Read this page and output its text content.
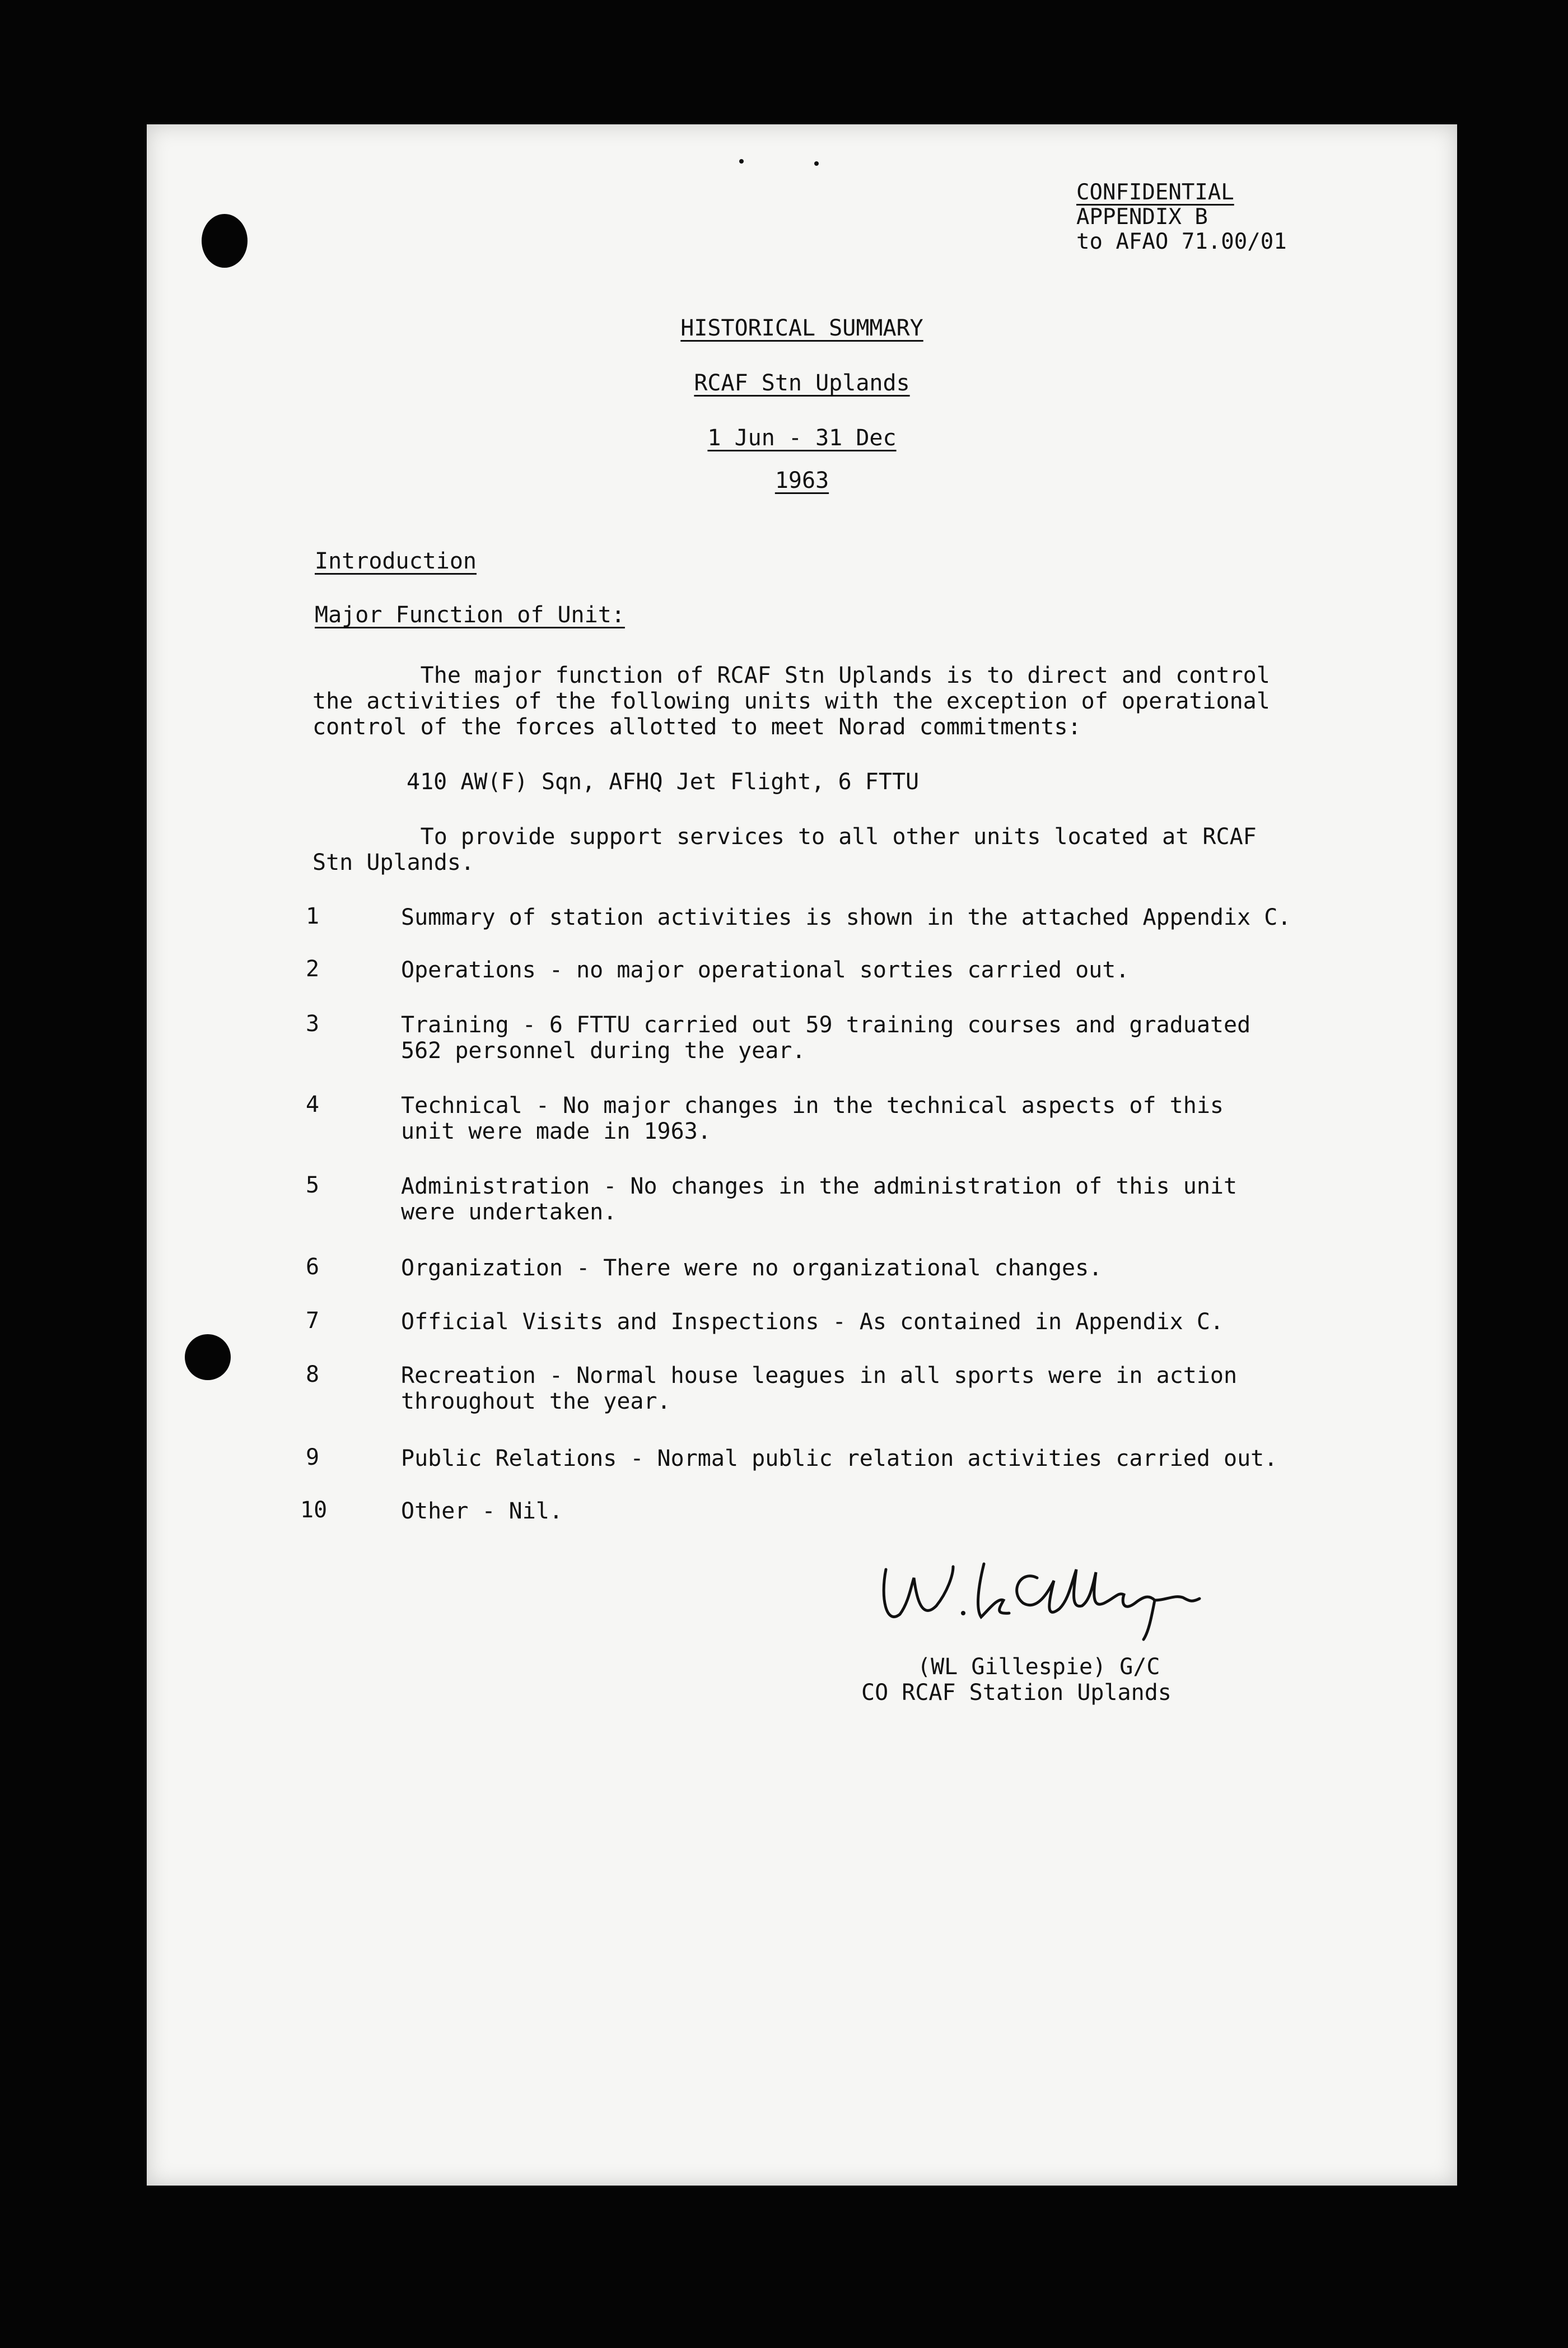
CONFIDENTIAL
APPENDIX B
to AFAO 71.00/01
HISTORICAL SUMMARY
RCAF Stn Uplands
1 Jun - 31 Dec
1963
Introduction
Major Function of Unit:
The major function of RCAF Stn Uplands is to direct and control
the activities of the following units with the exception of operational
control of the forces allotted to meet Norad commitments:
410 AW(F) Sqn, AFHQ Jet Flight, 6 FTTU
To provide support services to all other units located at RCAF
Stn Uplands.
1	Summary of station activities is shown in the attached Appendix C.
2	Operations - no major operational sorties carried out.
3	Training - 6 FTTU carried out 59 training courses and graduated
562 personnel during the year.
4	Technical - No major changes in the technical aspects of this
unit were made in 1963.
5	Administration - No changes in the administration of this unit
were undertaken.
6	Organization - There were no organizational changes.
7	Official Visits and Inspections - As contained in Appendix C.
8	Recreation - Normal house leagues in all sports were in action
throughout the year.
9	Public Relations - Normal public relation activities carried out.
10	Other - Nil.
(WL Gillespie) G/C
CO RCAF Station Uplands
